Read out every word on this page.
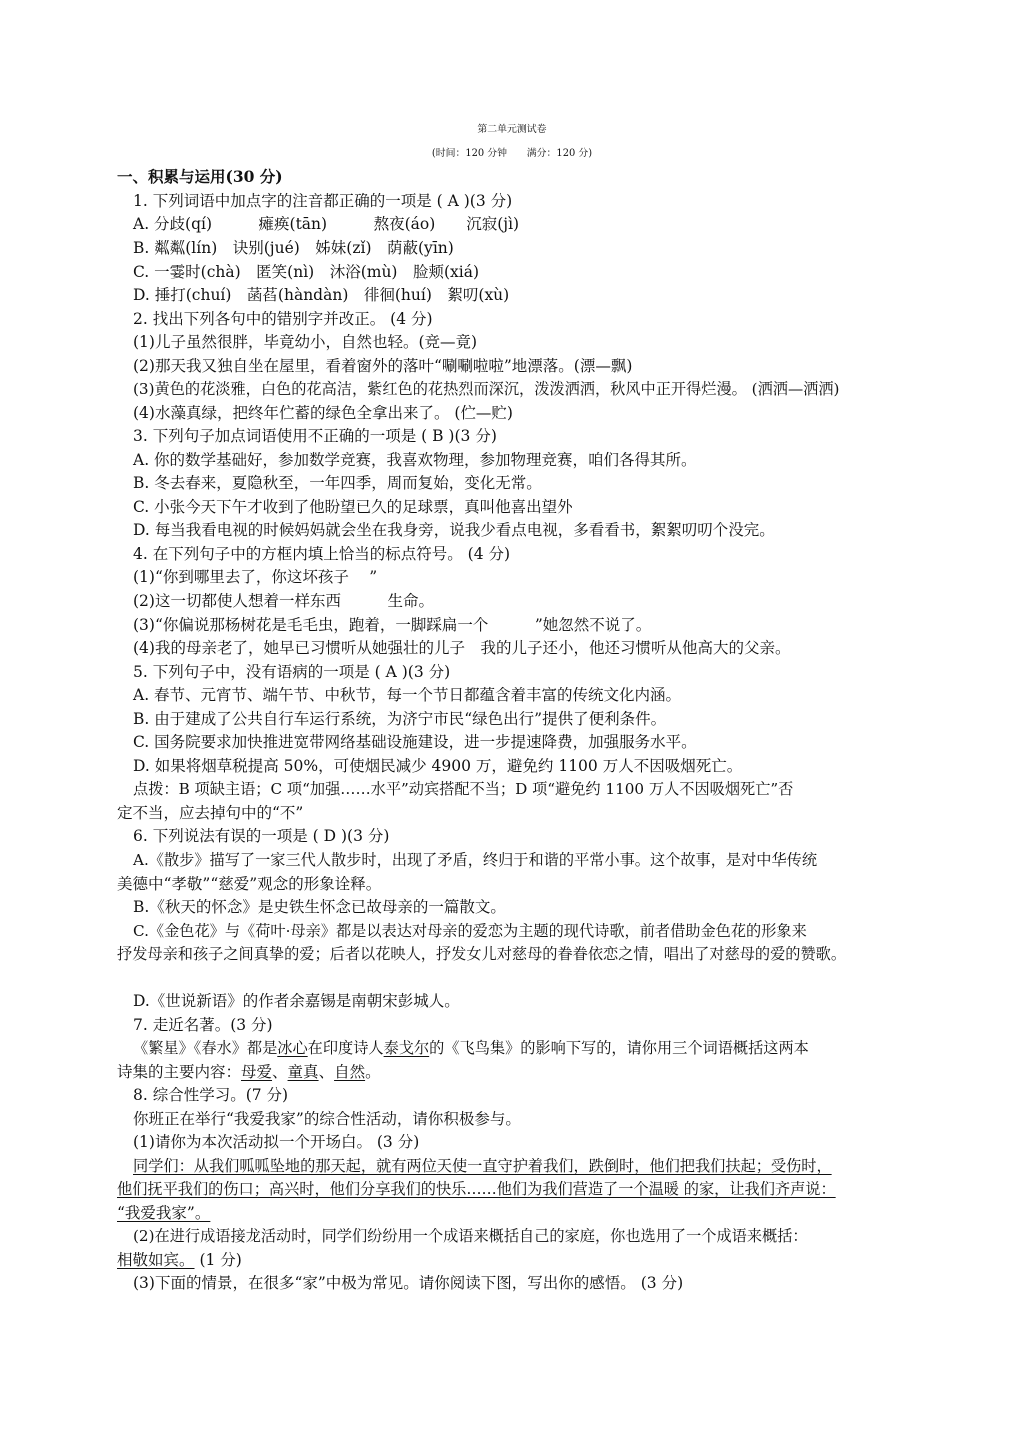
第二单元测试卷
(时间：120 分钟　　满分：120 分)
一、积累与运用(30 分)
1. 下列词语中加点字的注音都正确的一项是 ( A )(3 分)
A. 分歧(qí)　　　瘫痪(tān)　　　熬夜(áo)　　沉寂(jì)
B. 粼粼(lín)　诀别(jué)　姊妹(zǐ)　荫蔽(yīn)
C. 一霎时(chà)　匿笑(nì)　沐浴(mù)　脸颊(xiá)
D. 捶打(chuí)　菡萏(hàndàn)　徘徊(huí)　絮叨(xù)
2. 找出下列各句中的错别字并改正。 (4 分)
(1)儿子虽然很胖，毕竟幼小，自然也轻。(竞—竟)
(2)那天我又独自坐在屋里，看着窗外的落叶“唰唰啦啦”地漂落。(漂—飘)
(3)黄色的花淡雅，白色的花高洁，紫红色的花热烈而深沉，泼泼洒洒，秋风中正开得烂漫。 (洒洒—洒洒)
(4)水藻真绿，把终年伫蓄的绿色全拿出来了。 (伫—贮)
3. 下列句子加点词语使用不正确的一项是 ( B )(3 分)
A. 你的数学基础好，参加数学竞赛，我喜欢物理，参加物理竞赛，咱们各得其所。
B. 冬去春来，夏隐秋至，一年四季，周而复始，变化无常。
C. 小张今天下午才收到了他盼望已久的足球票，真叫他喜出望外
D. 每当我看电视的时候妈妈就会坐在我身旁，说我少看点电视，多看看书，絮絮叨叨个没完。
4. 在下列句子中的方框内填上恰当的标点符号。 (4 分)
(1)“你到哪里去了，你这坏孩子　 ”
(2)这一切都使人想着一样东西　　　生命。
(3)“你偏说那杨树花是毛毛虫，跑着，一脚踩扁一个　　　”她忽然不说了。
(4)我的母亲老了，她早已习惯听从她强壮的儿子　我的儿子还小，他还习惯听从他高大的父亲。
5. 下列句子中，没有语病的一项是 ( A )(3 分)
A. 春节、元宵节、端午节、中秋节，每一个节日都蕴含着丰富的传统文化内涵。
B. 由于建成了公共自行车运行系统，为济宁市民“绿色出行”提供了便利条件。
C. 国务院要求加快推进宽带网络基础设施建设，进一步提速降费，加强服务水平。
D. 如果将烟草税提高 50%，可使烟民减少 4900 万，避免约 1100 万人不因吸烟死亡。
点拨：B 项缺主语；C 项“加强……水平”动宾搭配不当；D 项“避免约 1100 万人不因吸烟死亡”否
定不当，应去掉句中的“不”
6. 下列说法有误的一项是 ( D )(3 分)
A.《散步》描写了一家三代人散步时，出现了矛盾，终归于和谐的平常小事。这个故事，是对中华传统
美德中“孝敬”“慈爱”观念的形象诠释。
B.《秋天的怀念》是史铁生怀念已故母亲的一篇散文。
C.《金色花》与《荷叶·母亲》都是以表达对母亲的爱恋为主题的现代诗歌，前者借助金色花的形象来
抒发母亲和孩子之间真挚的爱；后者以花映人，抒发女儿对慈母的眷眷依恋之情，唱出了对慈母的爱的赞歌。
D.《世说新语》的作者余嘉锡是南朝宋彭城人。
7. 走近名著。(3 分)
《繁星》《春水》都是冰心在印度诗人泰戈尔的《飞鸟集》的影响下写的，请你用三个词语概括这两本
诗集的主要内容：母爱、童真、自然。
8. 综合性学习。(7 分)
你班正在举行“我爱我家”的综合性活动，请你积极参与。
(1)请你为本次活动拟一个开场白。 (3 分)
同学们：从我们呱呱坠地的那天起，就有两位天使一直守护着我们，跌倒时，他们把我们扶起；受伤时，
他们抚平我们的伤口；高兴时，他们分享我们的快乐……他们为我们营造了一个温暖 的家，让我们齐声说：
“我爱我家”。
(2)在进行成语接龙活动时，同学们纷纷用一个成语来概括自己的家庭，你也选用了一个成语来概括：
相敬如宾。 (1 分)
(3)下面的情景，在很多“家”中极为常见。请你阅读下图，写出你的感悟。 (3 分)
